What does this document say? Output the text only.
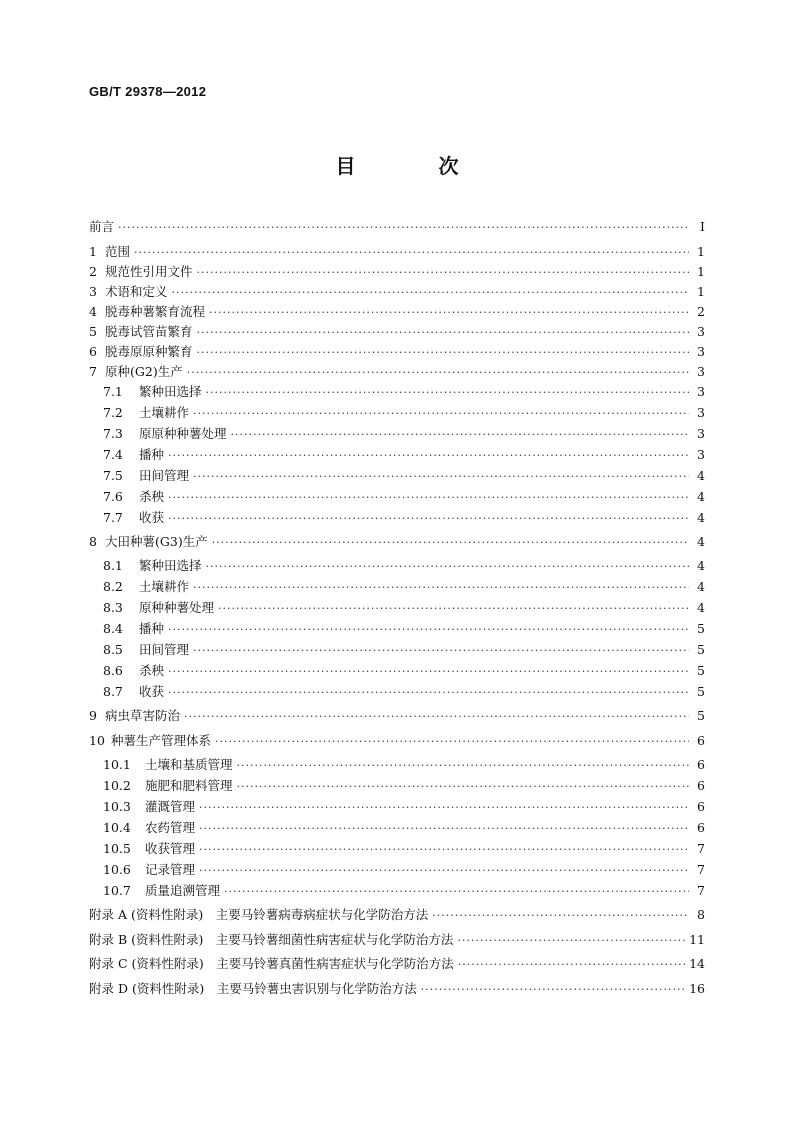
GB/T 29378—2012
目 次
前言 ·····	Ⅰ
1 范围 ·····	1
2 规范性引用文件 ·····	1
3 术语和定义 ·····	1
4 脱毒种薯繁育流程 ·····	2
5 脱毒试管苗繁育 ·····	3
6 脱毒原原种繁育 ·····	3
7 原种(G2)生产 ·····	3
7.1	繁种田选择 ·····	3
7.2	土壤耕作 ·····	3
7.3	原原种种薯处理 ·····	3
7.4	播种 ·····	3
7.5	田间管理 ·····	4
7.6	杀秧 ·····	4
7.7	收获 ·····	4
8 大田种薯(G3)生产 ·····	4
8.1	繁种田选择 ·····	4
8.2	土壤耕作 ·····	4
8.3	原种种薯处理 ·····	4
8.4	播种 ·····	5
8.5	田间管理 ·····	5
8.6	杀秧 ·····	5
8.7	收获 ·····	5
9 病虫草害防治 ·····	5
10 种薯生产管理体系 ·····	6
10.1	土壤和基质管理 ·····	6
10.2	施肥和肥料管理 ·····	6
10.3	灌溉管理 ·····	6
10.4	农药管理 ·····	6
10.5	收获管理 ·····	7
10.6	记录管理 ·····	7
10.7	质量追溯管理 ·····	7
附录 A (资料性附录)　主要马铃薯病毒病症状与化学防治方法 ·····	8
附录 B (资料性附录)　主要马铃薯细菌性病害症状与化学防治方法 ·····	11
附录 C (资料性附录)　主要马铃薯真菌性病害症状与化学防治方法 ·····	14
附录 D (资料性附录)　主要马铃薯虫害识别与化学防治方法 ·····	16
